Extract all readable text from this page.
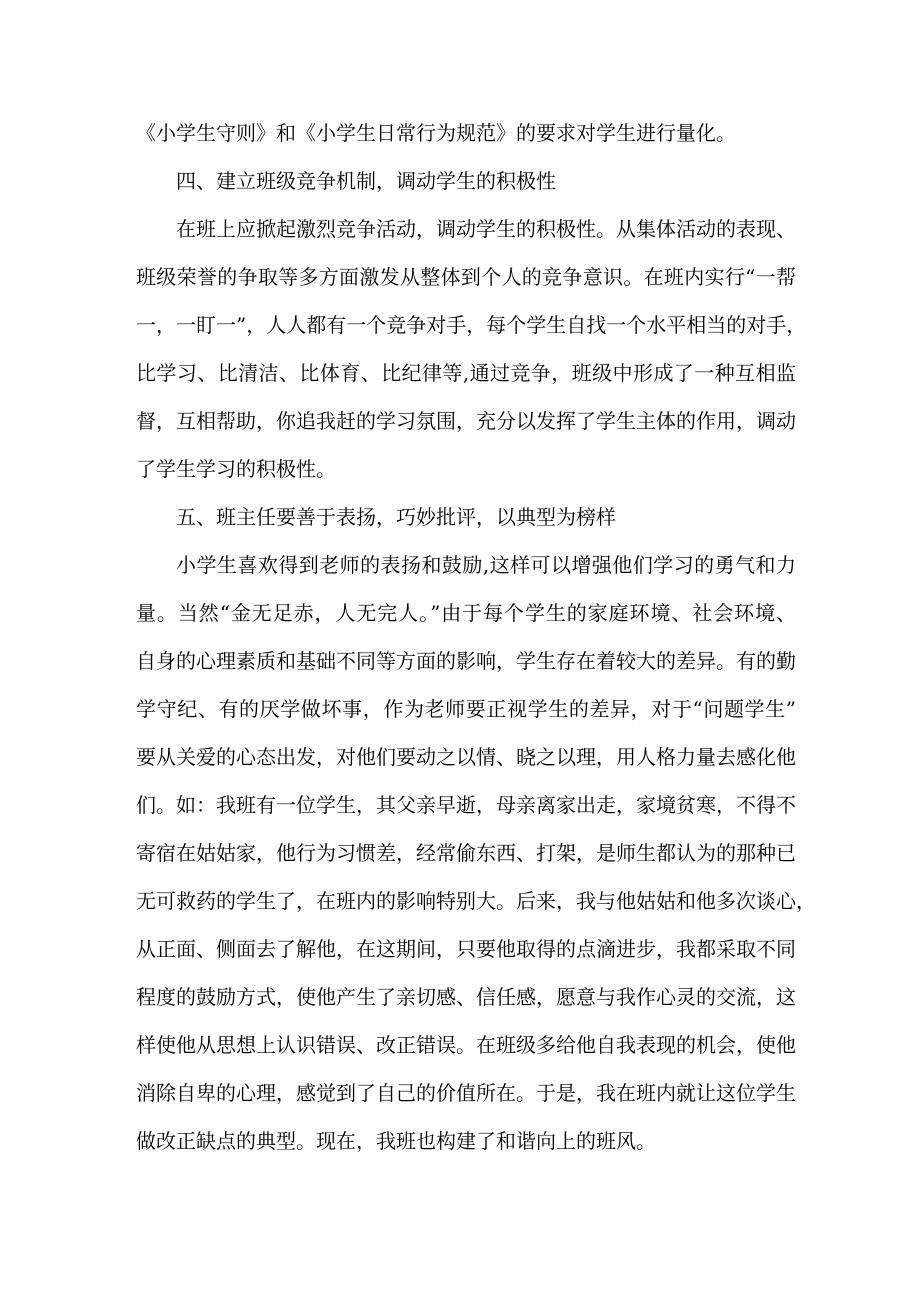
《小学生守则》和《小学生日常行为规范》的要求对学生进行量化。
四、建立班级竞争机制，调动学生的积极性
在班上应掀起激烈竞争活动，调动学生的积极性。从集体活动的表现、
班级荣誉的争取等多方面激发从整体到个人的竞争意识。在班内实行“一帮
一，一盯一”，人人都有一个竞争对手，每个学生自找一个水平相当的对手，
比学习、比清洁、比体育、比纪律等,通过竞争，班级中形成了一种互相监
督，互相帮助，你追我赶的学习氛围，充分以发挥了学生主体的作用，调动
了学生学习的积极性。
五、班主任要善于表扬，巧妙批评，以典型为榜样
小学生喜欢得到老师的表扬和鼓励,这样可以增强他们学习的勇气和力
量。当然“金无足赤，人无完人。”由于每个学生的家庭环境、社会环境、
自身的心理素质和基础不同等方面的影响，学生存在着较大的差异。有的勤
学守纪、有的厌学做坏事，作为老师要正视学生的差异，对于“问题学生”
要从关爱的心态出发，对他们要动之以情、晓之以理，用人格力量去感化他
们。如：我班有一位学生，其父亲早逝，母亲离家出走，家境贫寒，不得不
寄宿在姑姑家，他行为习惯差，经常偷东西、打架，是师生都认为的那种已
无可救药的学生了，在班内的影响特别大。后来，我与他姑姑和他多次谈心，
从正面、侧面去了解他，在这期间，只要他取得的点滴进步，我都采取不同
程度的鼓励方式，使他产生了亲切感、信任感，愿意与我作心灵的交流，这
样使他从思想上认识错误、改正错误。在班级多给他自我表现的机会，使他
消除自卑的心理，感觉到了自己的价值所在。于是，我在班内就让这位学生
做改正缺点的典型。现在，我班也构建了和谐向上的班风。
